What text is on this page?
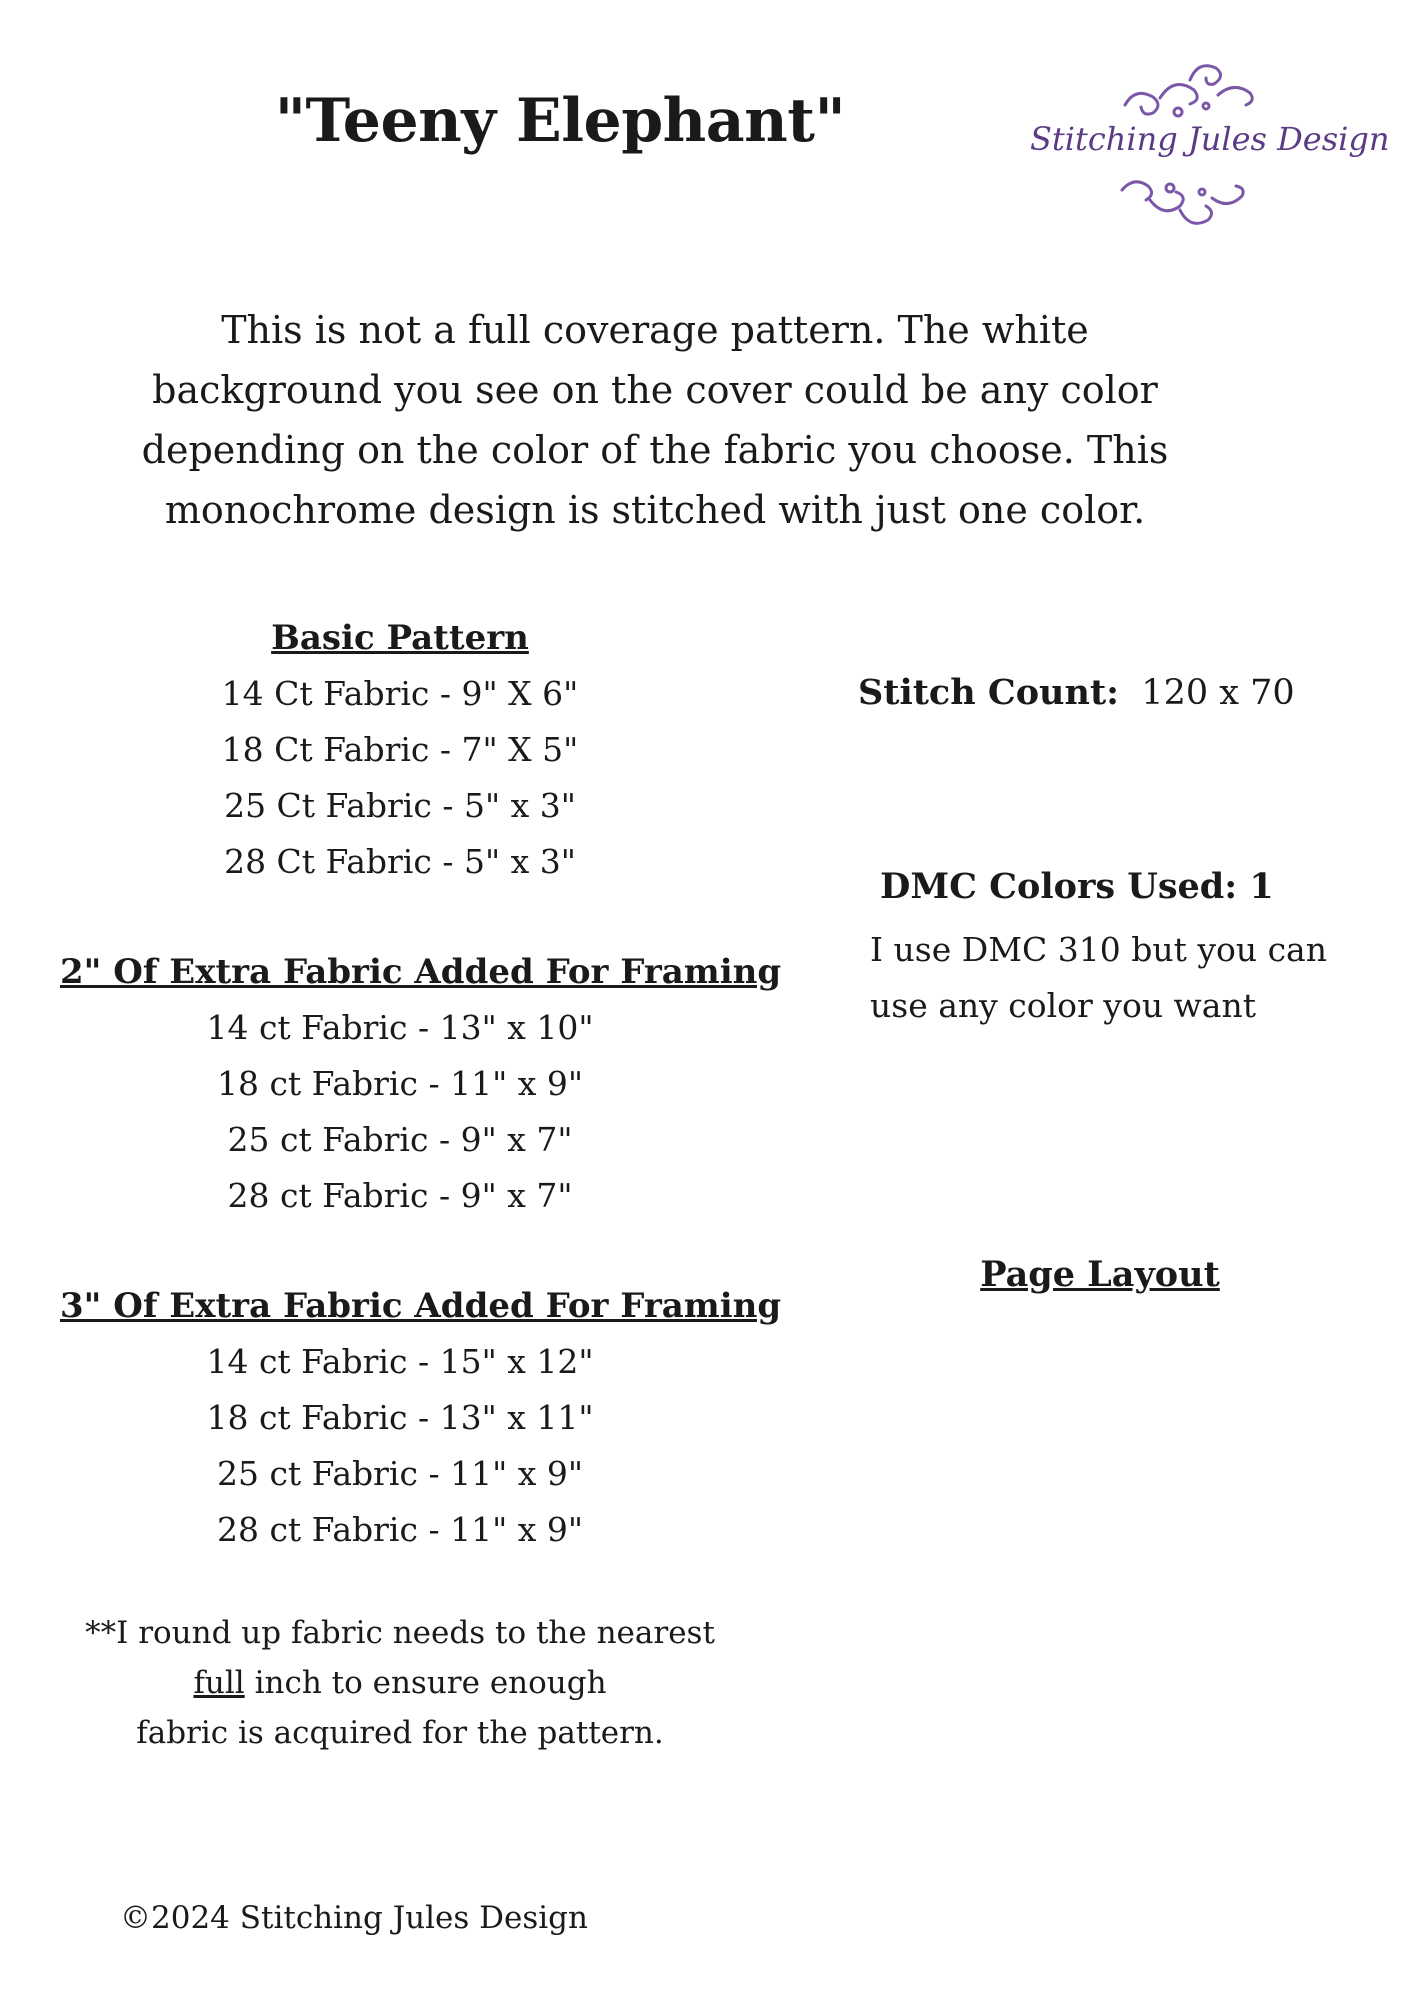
"Teeny Elephant"	Stitching Jules Design
This is not a full coverage pattern. The white background you see on the cover could be any color depending on the color of the fabric you choose. This monochrome design is stitched with just one color.
Basic Pattern
14 Ct Fabric - 9" X 6"
18 Ct Fabric - 7" X 5"
25 Ct Fabric - 5" x 3"
28 Ct Fabric - 5" x 3"
2" Of Extra Fabric Added For Framing
14 ct Fabric - 13" x 10"
18 ct Fabric - 11" x 9"
25 ct Fabric - 9" x 7"
28 ct Fabric - 9" x 7"
3" Of Extra Fabric Added For Framing
14 ct Fabric - 15" x 12"
18 ct Fabric - 13" x 11"
25 ct Fabric - 11" x 9"
28 ct Fabric - 11" x 9"
**I round up fabric needs to the nearest
full inch to ensure enough
fabric is acquired for the pattern.
Stitch Count: 120 x 70
DMC Colors Used: 1
I use DMC 310 but you can use any color you want
Page Layout
©2024 Stitching Jules Design
